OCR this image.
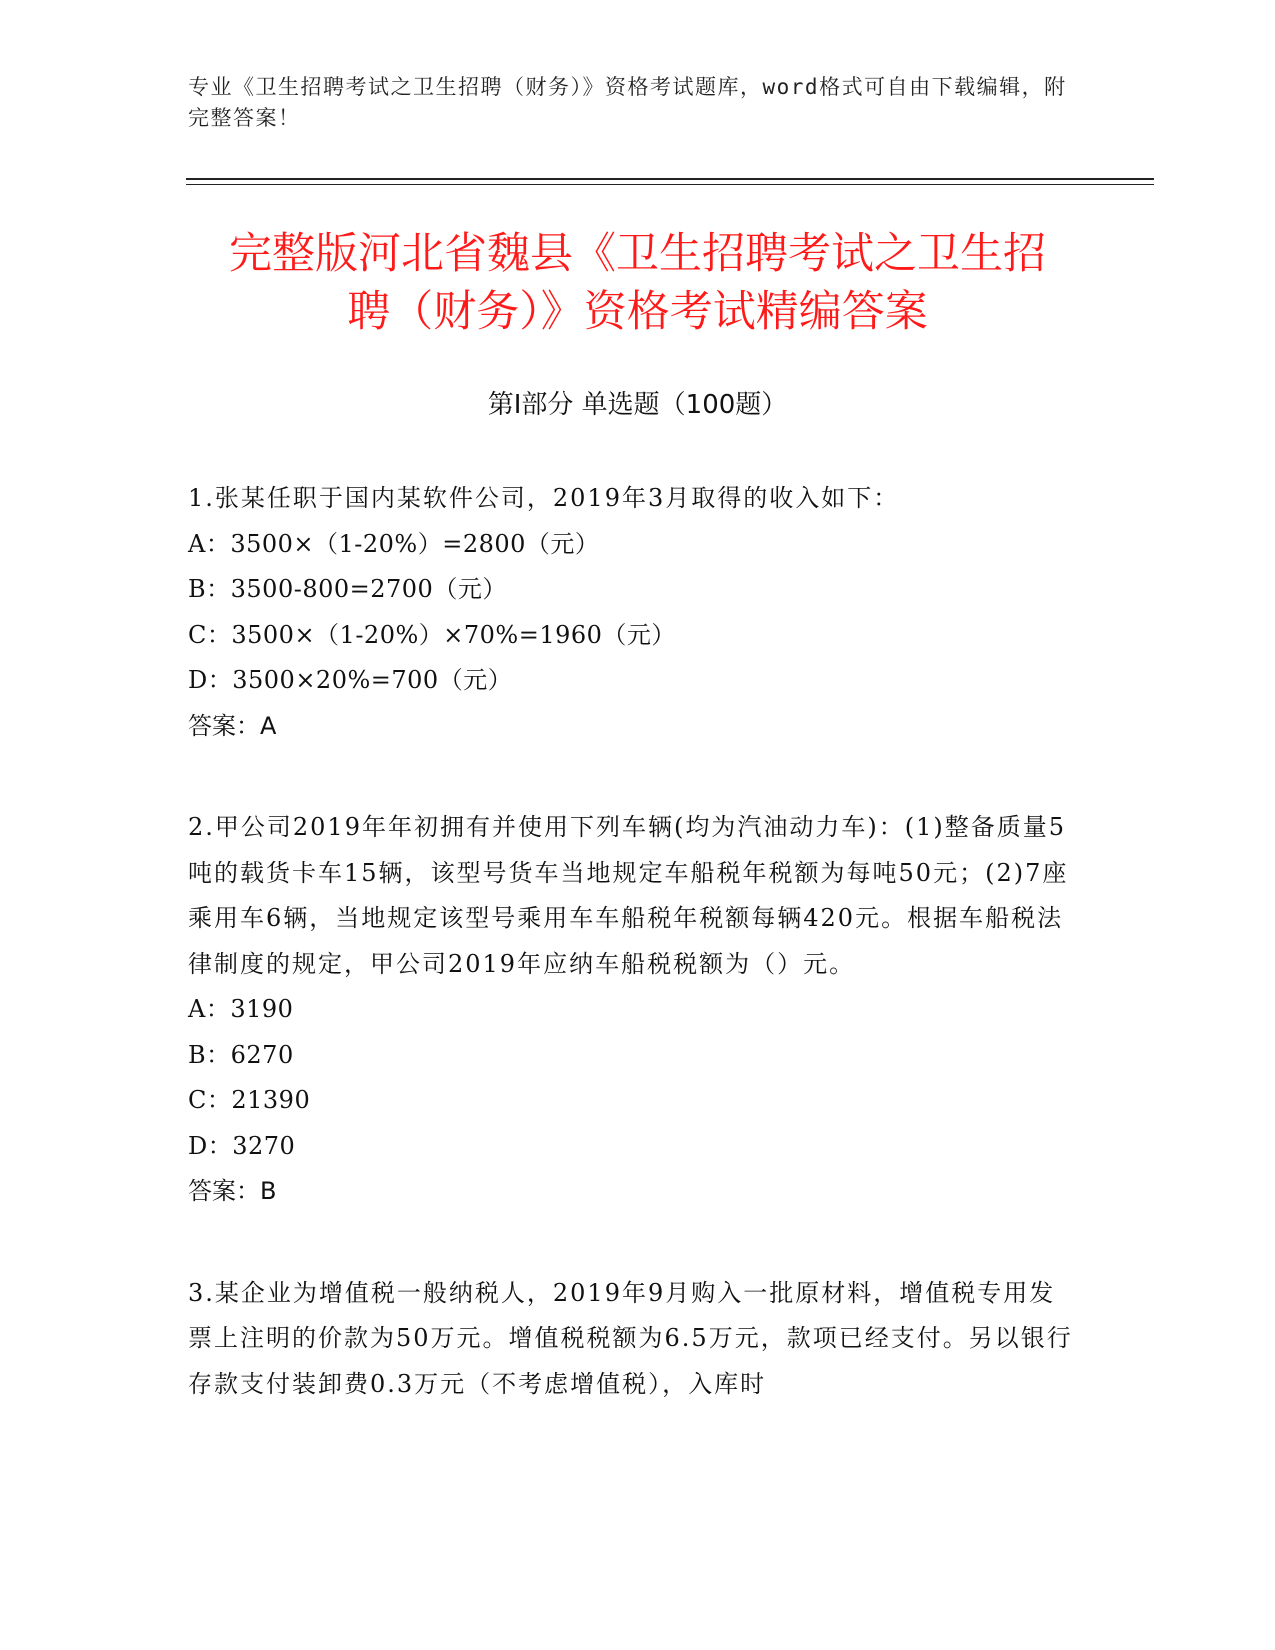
专业《卫生招聘考试之卫生招聘（财务）》资格考试题库，word格式可自由下载编辑，附完整答案！
完整版河北省魏县《卫生招聘考试之卫生招
聘（财务）》资格考试精编答案
第Ⅰ部分 单选题（100题）
1.张某任职于国内某软件公司，2019年3月取得的收入如下：
A：3500×（1-20%）=2800（元）
B：3500-800=2700（元）
C：3500×（1-20%）×70%=1960（元）
D：3500×20%=700（元）
答案：A
2.甲公司2019年年初拥有并使用下列车辆(均为汽油动力车)：(1)整备质量5吨的载货卡车15辆，该型号货车当地规定车船税年税额为每吨50元；(2)7座乘用车6辆，当地规定该型号乘用车车船税年税额每辆420元。根据车船税法律制度的规定，甲公司2019年应纳车船税税额为（）元。
A：3190
B：6270
C：21390
D：3270
答案：B
3.某企业为增值税一般纳税人，2019年9月购入一批原材料，增值税专用发票上注明的价款为50万元。增值税税额为6.5万元，款项已经支付。另以银行存款支付装卸费0.3万元（不考虑增值税），入库时
